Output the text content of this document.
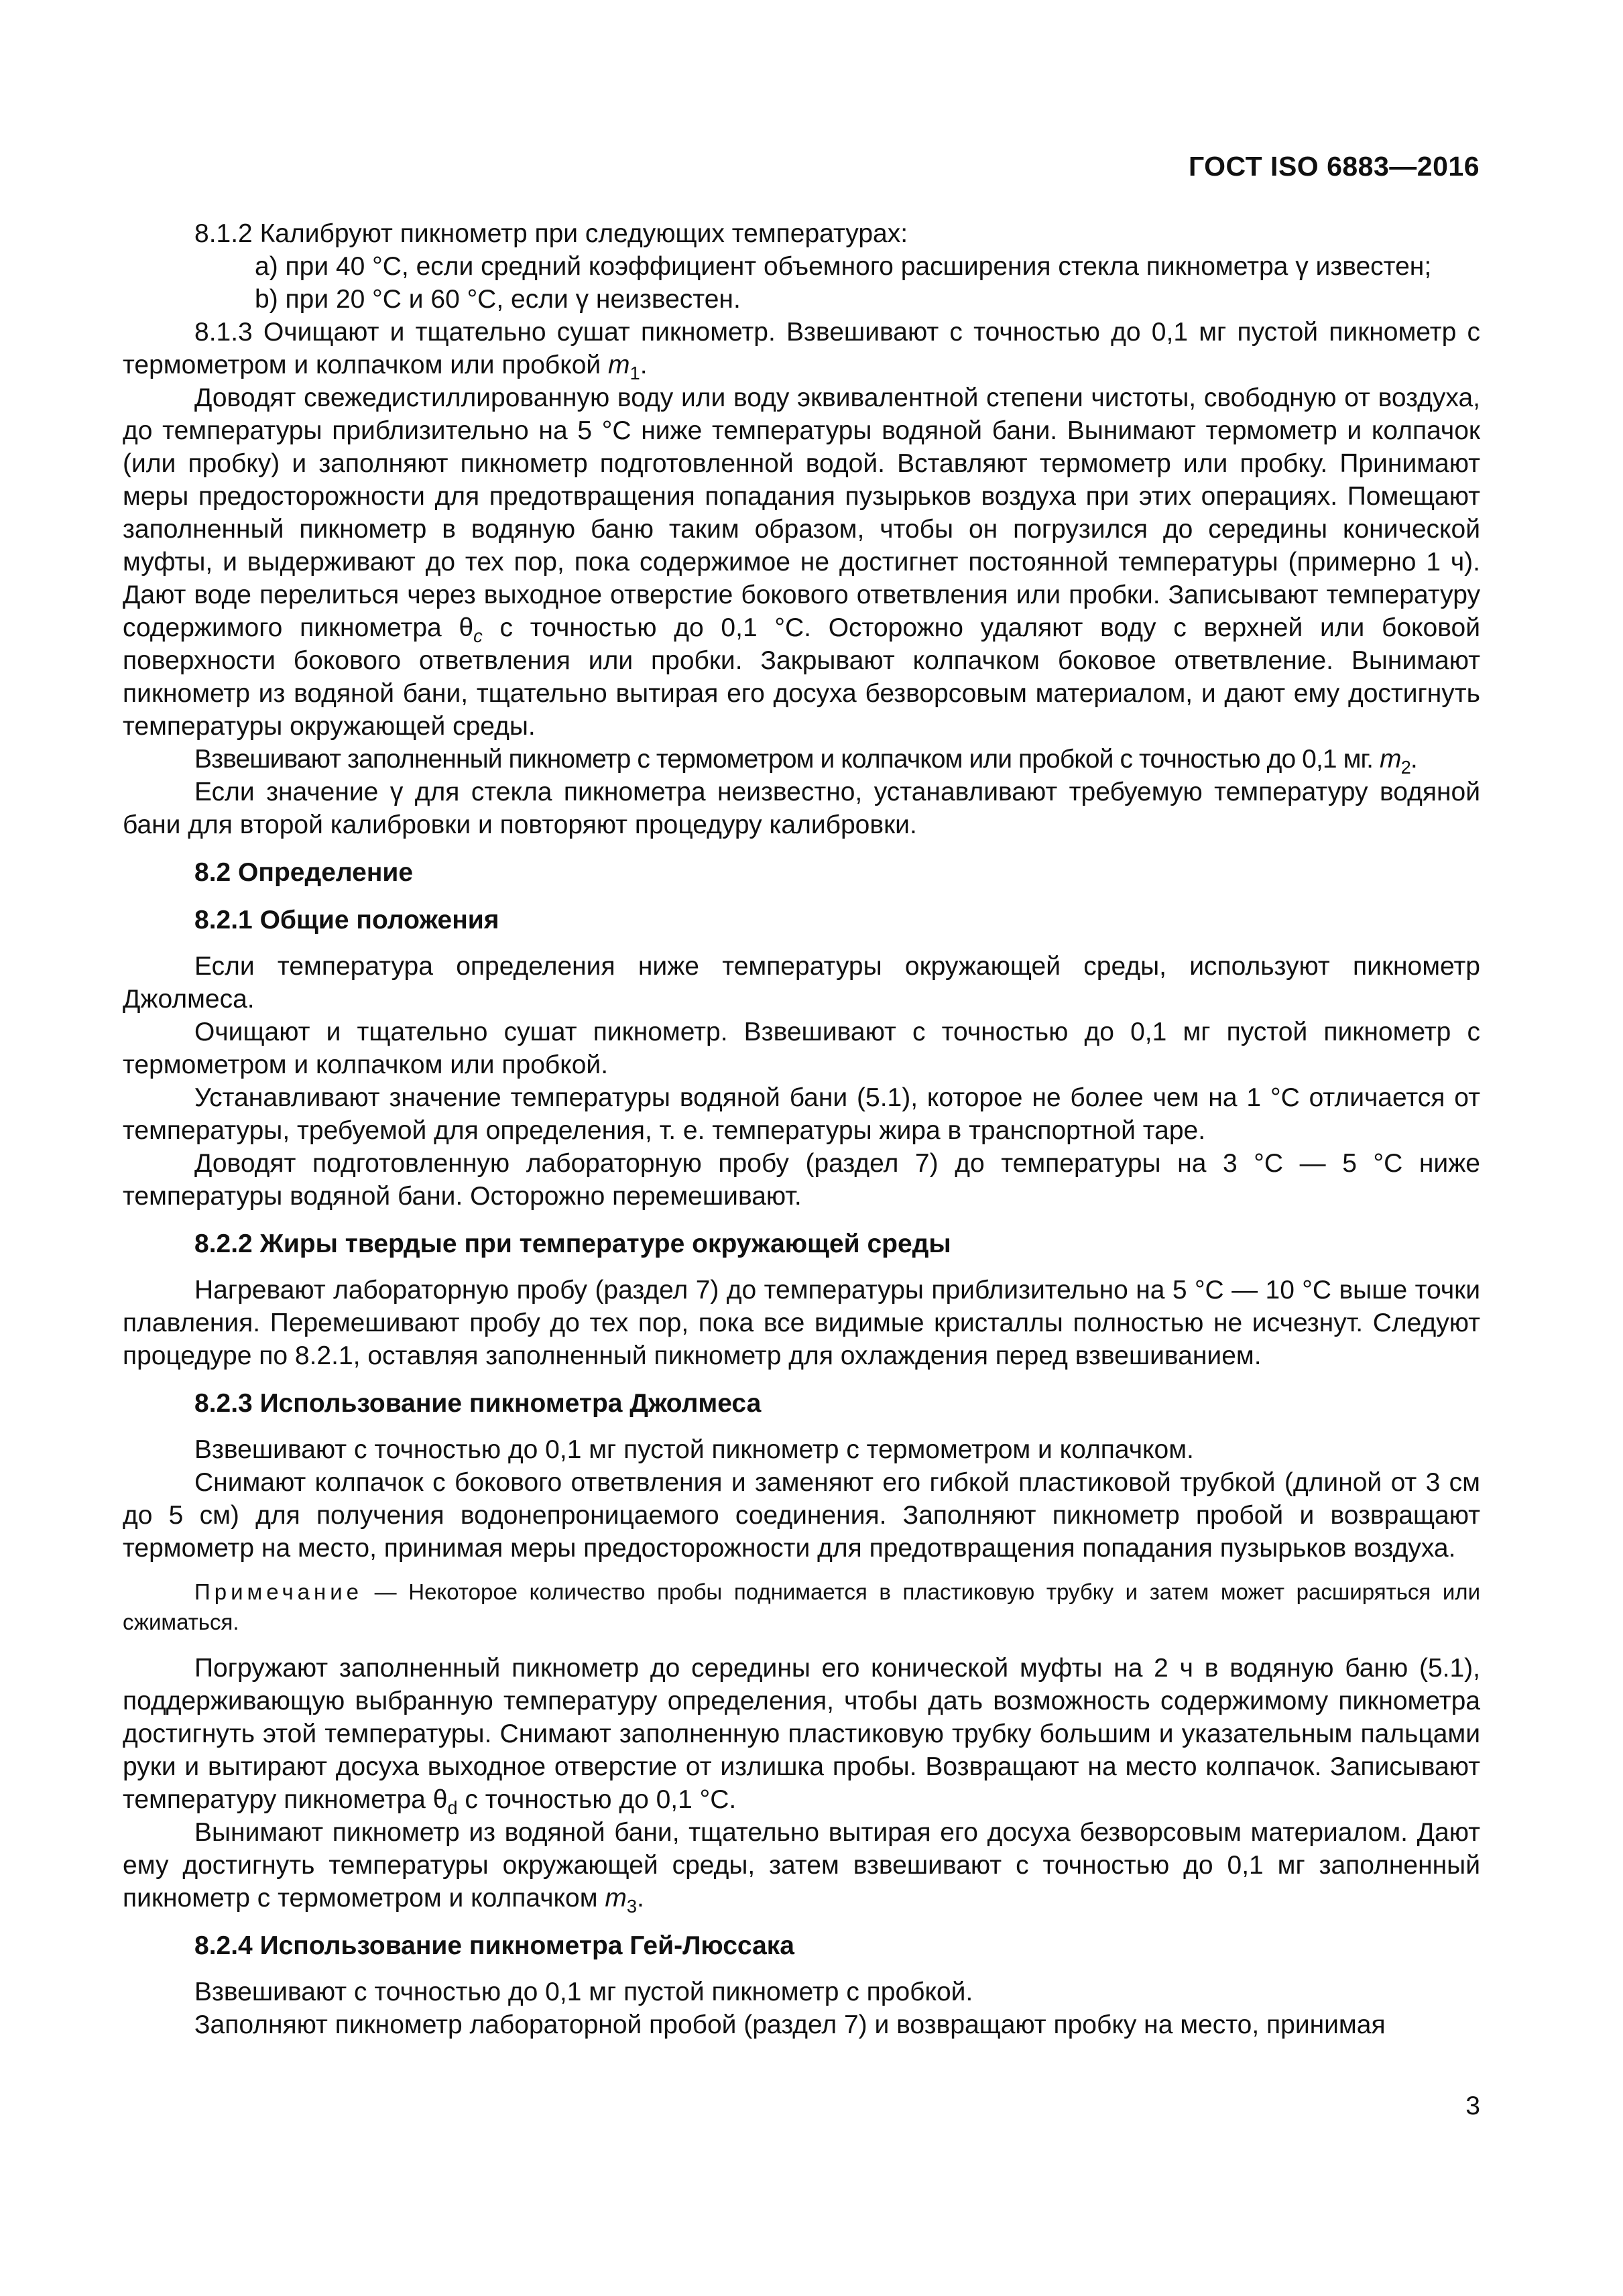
ГОСТ ISO 6883—2016

8.1.2 Калибруют пикнометр при следующих температурах:

a) при 40 °С, если средний коэффициент объемного расширения стекла пикнометра γ известен;

b) при 20 °С и 60 °С, если γ неизвестен.

8.1.3 Очищают и тщательно сушат пикнометр. Взвешивают с точностью до 0,1 мг пустой пикнометр с термометром и колпачком или пробкой $m_1$.

Доводят свежедистиллированную воду или воду эквивалентной степени чистоты, свободную от воздуха, до температуры приблизительно на 5 °С ниже температуры водяной бани. Вынимают термометр и колпачок (или пробку) и заполняют пикнометр подготовленной водой. Вставляют термометр или пробку. Принимают меры предосторожности для предотвращения попадания пузырьков воздуха при этих операциях. Помещают заполненный пикнометр в водяную баню таким образом, чтобы он погрузился до середины конической муфты, и выдерживают до тех пор, пока содержимое не достигнет постоянной температуры (примерно 1 ч). Дают воде перелиться через выходное отверстие бокового ответвления или пробки. Записывают температуру содержимого пикнометра $\theta_c$ с точностью до 0,1 °С. Осторожно удаляют воду с верхней или боковой поверхности бокового ответвления или пробки. Закрывают колпачком боковое ответвление. Вынимают пикнометр из водяной бани, тщательно вытирая его досуха безворсовым материалом, и дают ему достигнуть температуры окружающей среды.

Взвешивают заполненный пикнометр с термометром и колпачком или пробкой с точностью до 0,1 мг. $m_2$.

Если значение γ для стекла пикнометра неизвестно, устанавливают требуемую температуру водяной бани для второй калибровки и повторяют процедуру калибровки.

8.2 Определение
8.2.1 Общие положения

Если температура определения ниже температуры окружающей среды, используют пикнометр Джолмеса.

Очищают и тщательно сушат пикнометр. Взвешивают с точностью до 0,1 мг пустой пикнометр с термометром и колпачком или пробкой.

Устанавливают значение температуры водяной бани (5.1), которое не более чем на 1 °С отличается от температуры, требуемой для определения, т. е. температуры жира в транспортной таре.

Доводят подготовленную лабораторную пробу (раздел 7) до температуры на 3 °С — 5 °С ниже температуры водяной бани. Осторожно перемешивают.

8.2.2 Жиры твердые при температуре окружающей среды

Нагревают лабораторную пробу (раздел 7) до температуры приблизительно на 5 °С — 10 °С выше точки плавления. Перемешивают пробу до тех пор, пока все видимые кристаллы полностью не исчезнут. Следуют процедуре по 8.2.1, оставляя заполненный пикнометр для охлаждения перед взвешиванием.

8.2.3 Использование пикнометра Джолмеса

Взвешивают с точностью до 0,1 мг пустой пикнометр с термометром и колпачком.

Снимают колпачок с бокового ответвления и заменяют его гибкой пластиковой трубкой (длиной от 3 см до 5 см) для получения водонепроницаемого соединения. Заполняют пикнометр пробой и возвращают термометр на место, принимая меры предосторожности для предотвращения попадания пузырьков воздуха.

Примечание — Некоторое количество пробы поднимается в пластиковую трубку и затем может расширяться или сжиматься.

Погружают заполненный пикнометр до середины его конической муфты на 2 ч в водяную баню (5.1), поддерживающую выбранную температуру определения, чтобы дать возможность содержимому пикнометра достигнуть этой температуры. Снимают заполненную пластиковую трубку большим и указательным пальцами руки и вытирают досуха выходное отверстие от излишка пробы. Возвращают на место колпачок. Записывают температуру пикнометра $\theta_d$ с точностью до 0,1 °С.

Вынимают пикнометр из водяной бани, тщательно вытирая его досуха безворсовым материалом. Дают ему достигнуть температуры окружающей среды, затем взвешивают с точностью до 0,1 мг заполненный пикнометр с термометром и колпачком $m_3$.

8.2.4 Использование пикнометра Гей-Люссака

Взвешивают с точностью до 0,1 мг пустой пикнометр с пробкой.

Заполняют пикнометр лабораторной пробой (раздел 7) и возвращают пробку на место, принимая

3
